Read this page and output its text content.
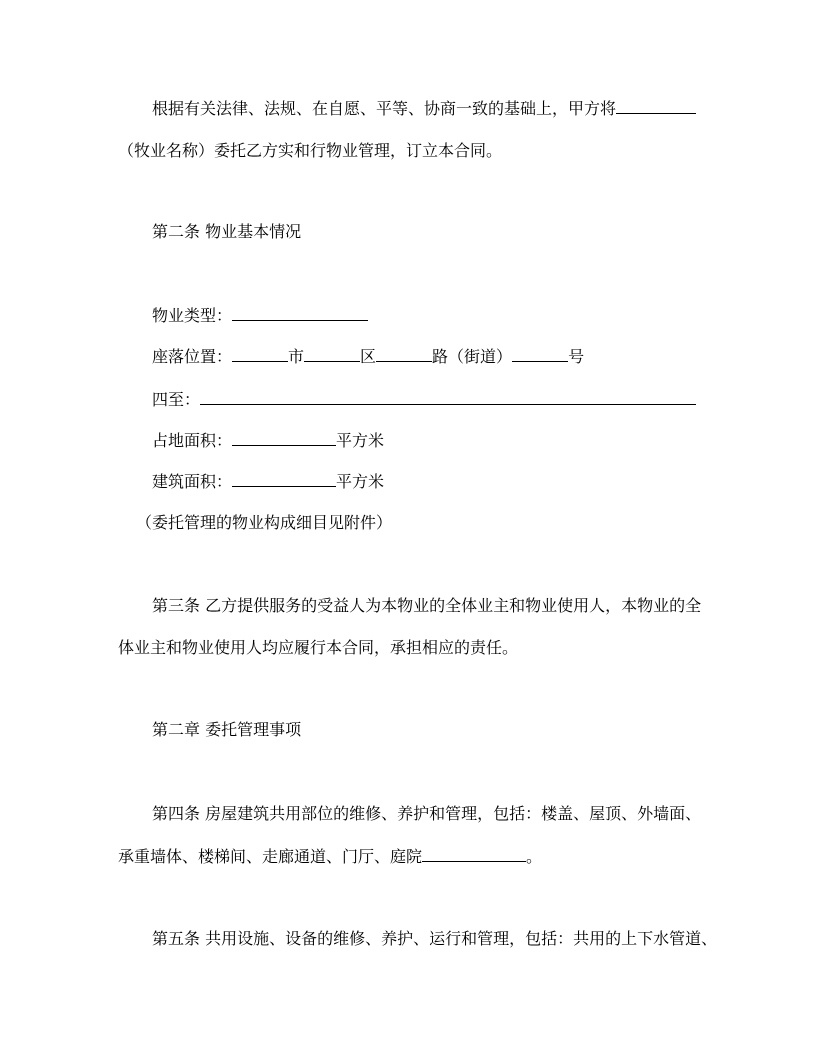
根据有关法律、法规、在自愿、平等、协商一致的基础上，甲方将
（牧业名称）委托乙方实和行物业管理，订立本合同。
第二条 物业基本情况
物业类型：
座落位置：	市	区	路（街道）	号
四至：
占地面积：	平方米
建筑面积：	平方米
（委托管理的物业构成细目见附件）
第三条 乙方提供服务的受益人为本物业的全体业主和物业使用人，本物业的全
体业主和物业使用人均应履行本合同，承担相应的责任。
第二章 委托管理事项
第四条 房屋建筑共用部位的维修、养护和管理，包括：楼盖、屋顶、外墙面、
承重墙体、楼梯间、走廊通道、门厅、庭院	。
第五条 共用设施、设备的维修、养护、运行和管理，包括：共用的上下水管道、
